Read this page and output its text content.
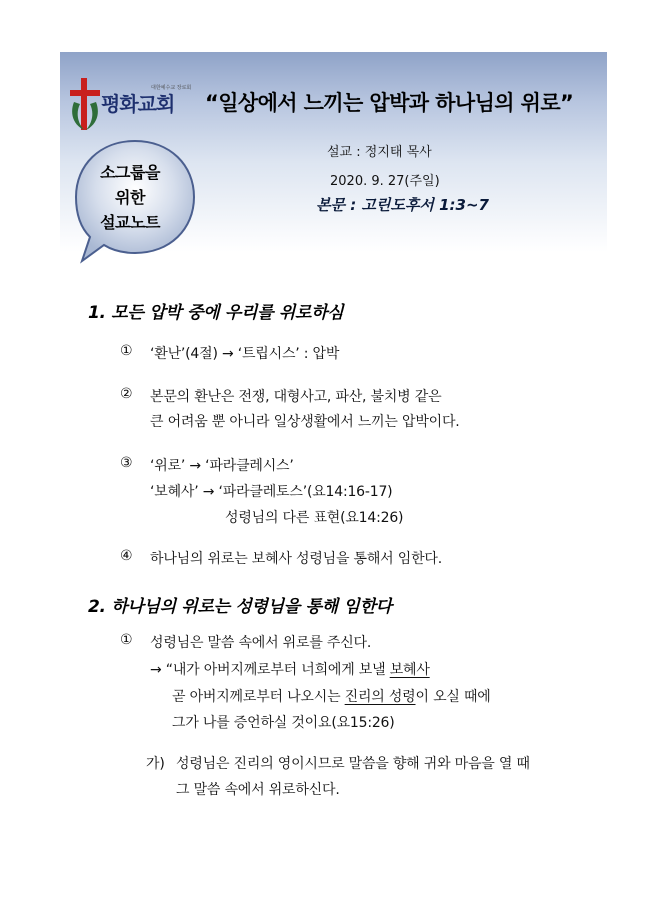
대한예수교 장로회
평화교회 “일상에서 느끼는 압박과 하나님의 위로”
설교 : 정지태 목사
2020. 9. 27(주일)
본문 : 고린도후서 1:3~7
소그룹을
위한
설교노트
1. 모든 압박 중에 우리를 위로하심
① ‘환난’(4절) → ‘트립시스’ : 압박
② 본문의 환난은 전쟁, 대형사고, 파산, 불치병 같은
큰 어려움 뿐 아니라 일상생활에서 느끼는 압박이다.
③ ‘위로’ → ‘파라클레시스’
‘보혜사’ → ‘파라클레토스’(요14:16-17)
성령님의 다른 표현(요14:26)
④ 하나님의 위로는 보혜사 성령님을 통해서 임한다.
2. 하나님의 위로는 성령님을 통해 임한다
① 성령님은 말씀 속에서 위로를 주신다.
→ “내가 아버지께로부터 너희에게 보낼 보혜사
곧 아버지께로부터 나오시는 진리의 성령이 오실 때에
그가 나를 증언하실 것이요(요15:26)
가) 성령님은 진리의 영이시므로 말씀을 향해 귀와 마음을 열 때
그 말씀 속에서 위로하신다.
